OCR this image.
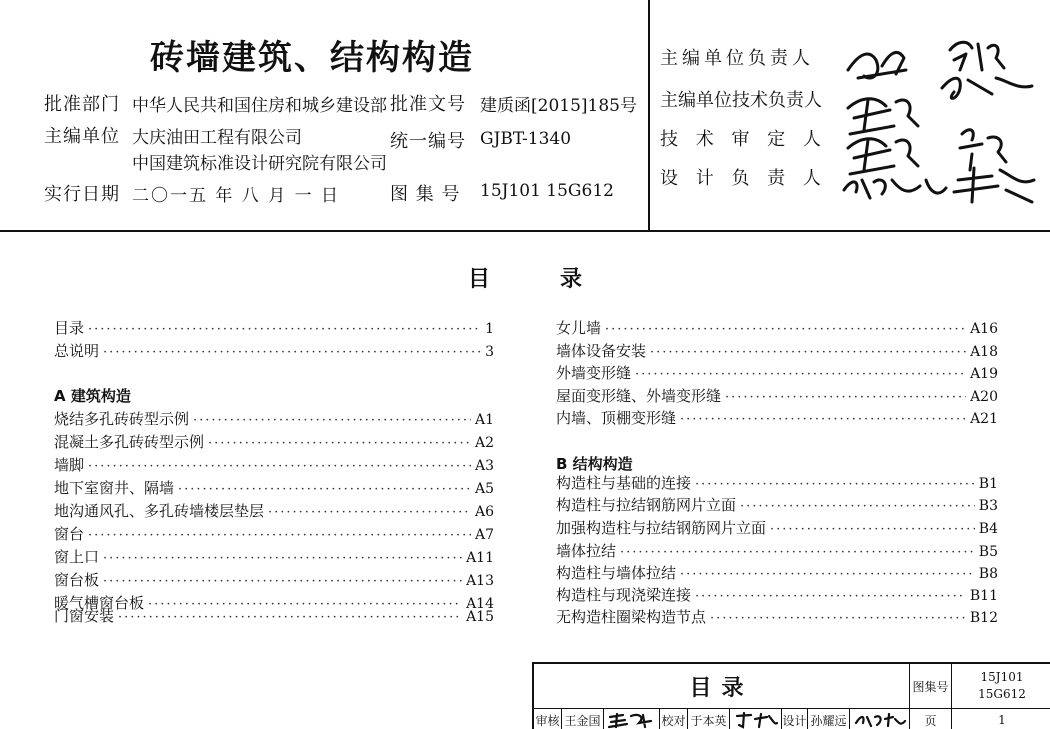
砖墙建筑、结构构造
批准部门 中华人民共和国住房和城乡建设部 批准文号 建质函[2015]185号
主编单位 大庆油田工程有限公司
中国建筑标准设计研究院有限公司
统一编号 GJBT-1340
实行日期 二〇一五 年 八 月 一 日	图 集 号 15J101 15G612
主编单位负责人
主编单位技术负责人
技 术 审 定 人
设 计 负 责 人
目	录
目录 ·····	1
总说明 ·····	3
A 建筑构造
烧结多孔砖砖型示例 ·····	A1
混凝土多孔砖砖型示例 ·····	A2
墙脚 ·····	A3
地下室窗井、隔墙 ·····	A5
地沟通风孔、多孔砖墙楼层垫层 ·····	A6
窗台 ·····	A7
窗上口 ·····	A11
窗台板 ·····	A13
暖气槽窗台板 ·····	A14
门窗安装 ·····	A15
女儿墙 ·····	A16
墙体设备安装 ·····	A18
外墙变形缝 ·····	A19
屋面变形缝、外墙变形缝 ·····	A20
内墙、顶棚变形缝 ·····	A21
B 结构构造
构造柱与基础的连接 ·····	B1
构造柱与拉结钢筋网片立面 ·····	B3
加强构造柱与拉结钢筋网片立面 ·····	B4
墙体拉结 ·····	B5
构造柱与墙体拉结 ·····	B8
构造柱与现浇梁连接 ·····	B11
无构造柱圈梁构造节点 ·····	B12
目录	图集号
15J101
15G612
审核 王金国	校对 于本英	设计 孙耀远	页	1
